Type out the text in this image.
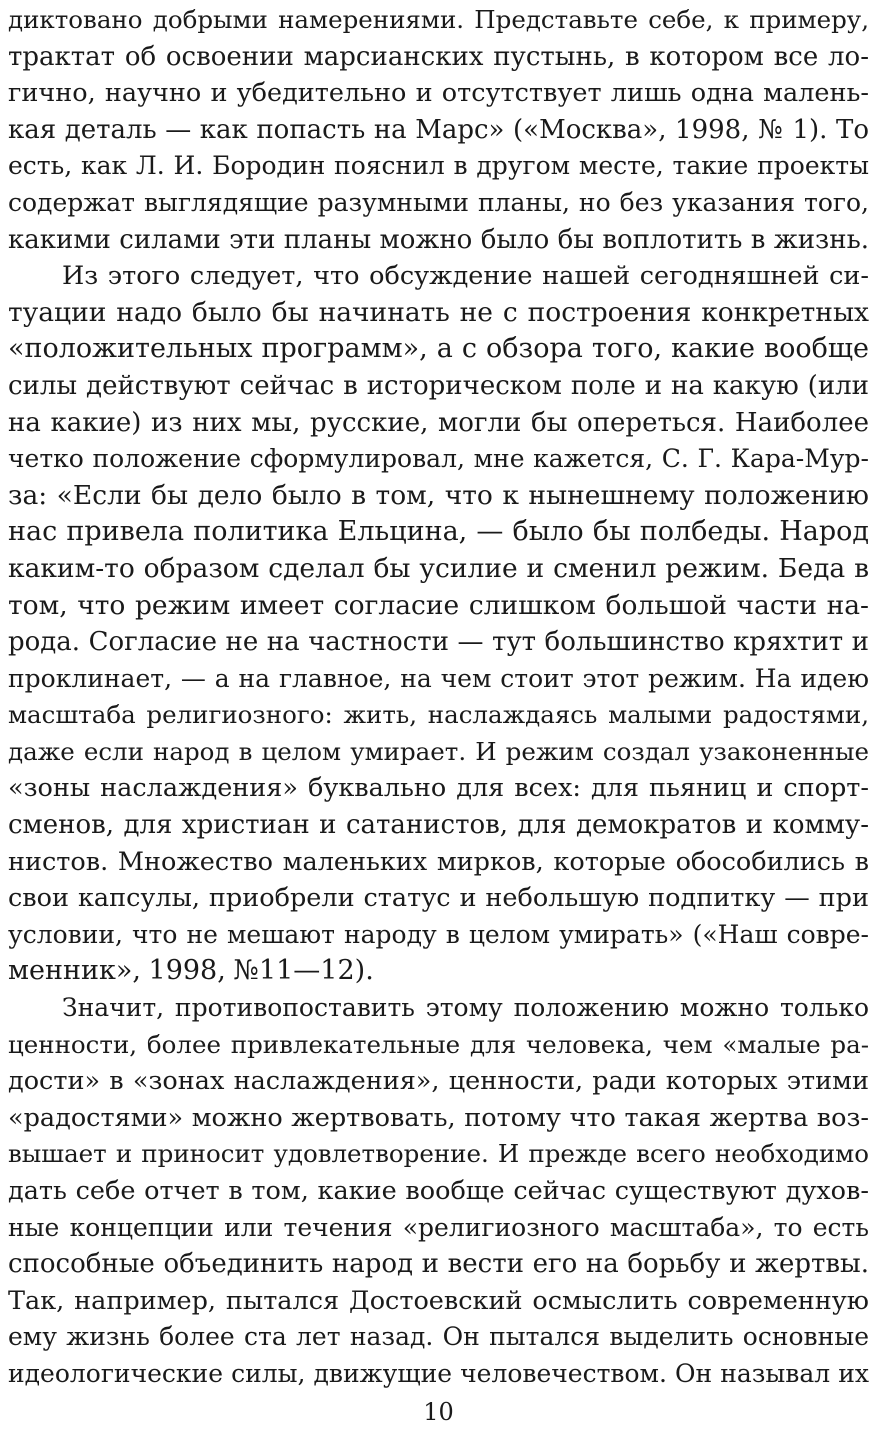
диктовано добрыми намерениями. Представьте себе, к примеру,
трактат об освоении марсианских пустынь, в котором все ло-
гично, научно и убедительно и отсутствует лишь одна малень-
кая деталь — как попасть на Марс» («Москва», 1998, № 1). То
есть, как Л. И. Бородин пояснил в другом месте, такие проекты
содержат выглядящие разумными планы, но без указания того,
какими силами эти планы можно было бы воплотить в жизнь.
Из этого следует, что обсуждение нашей сегодняшней си-
туации надо было бы начинать не с построения конкретных
«положительных программ», а с обзора того, какие вообще
силы действуют сейчас в историческом поле и на какую (или
на какие) из них мы, русские, могли бы опереться. Наиболее
четко положение сформулировал, мне кажется, С. Г. Кара-Мур-
за: «Если бы дело было в том, что к нынешнему положению
нас привела политика Ельцина, — было бы полбеды. Народ
каким-то образом сделал бы усилие и сменил режим. Беда в
том, что режим имеет согласие слишком большой части на-
рода. Согласие не на частности — тут большинство кряхтит и
проклинает, — а на главное, на чем стоит этот режим. На идею
масштаба религиозного: жить, наслаждаясь малыми радостями,
даже если народ в целом умирает. И режим создал узаконенные
«зоны наслаждения» буквально для всех: для пьяниц и спорт-
сменов, для христиан и сатанистов, для демократов и комму-
нистов. Множество маленьких мирков, которые обособились в
свои капсулы, приобрели статус и небольшую подпитку — при
условии, что не мешают народу в целом умирать» («Наш совре-
менник», 1998, №11—12).
Значит, противопоставить этому положению можно только
ценности, более привлекательные для человека, чем «малые ра-
дости» в «зонах наслаждения», ценности, ради которых этими
«радостями» можно жертвовать, потому что такая жертва воз-
вышает и приносит удовлетворение. И прежде всего необходимо
дать себе отчет в том, какие вообще сейчас существуют духов-
ные концепции или течения «религиозного масштаба», то есть
способные объединить народ и вести его на борьбу и жертвы.
Так, например, пытался Достоевский осмыслить современную
ему жизнь более ста лет назад. Он пытался выделить основные
идеологические силы, движущие человечеством. Он называл их
10
